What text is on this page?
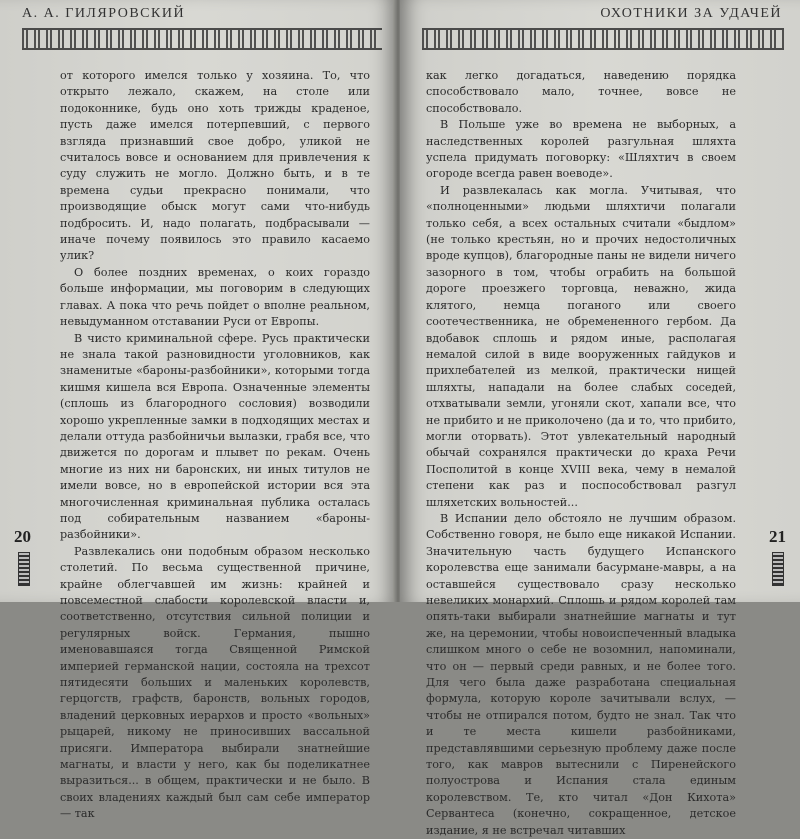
А. А. ГИЛЯРОВСКИЙ

от которого имелся только у хозяина. То, что открыто лежало, скажем, на столе или подоконнике, будь оно хоть трижды краденое, пусть даже имелся потерпевший, с первого взгляда признавший свое добро, уликой не считалось вовсе и основанием для привлечения к суду служить не могло. Должно быть, и в те времена судьи прекрасно понимали, что производящие обыск могут сами что-нибудь подбросить. И, надо полагать, подбрасывали — иначе почему появилось это правило касаемо улик?

О более поздних временах, о коих гораздо больше информации, мы поговорим в следующих главах. А пока что речь пойдет о вполне реальном, невыдуманном отставании Руси от Европы.

В чисто криминальной сфере. Русь практически не знала такой разновидности уголовников, как знаменитые «бароны-разбойники», которыми тогда кишмя кишела вся Европа. Означенные элементы (сплошь из благородного сословия) возводили хорошо укрепленные замки в подходящих местах и делали оттуда разбойничьи вылазки, грабя все, что движется по дорогам и плывет по рекам. Очень многие из них ни баронских, ни иных титулов не имели вовсе, но в европейской истории вся эта многочисленная криминальная публика осталась под собирательным названием «бароны-разбойники».

Развлекались они подобным образом несколько столетий. По весьма существенной причине, крайне облегчавшей им жизнь: крайней и повсеместной слабости королевской власти и, соответственно, отсутствия сильной полиции и регулярных войск. Германия, пышно именовавшаяся тогда Священной Римской империей германской нации, состояла на трехсот пятидесяти больших и маленьких королевств, герцогств, графств, баронств, вольных городов, владений церковных иерархов и просто «вольных» рыцарей, никому не приносивших вассальной присяги. Императора выбирали знатнейшие магнаты, и власти у него, как бы поделикатнее выразиться... в общем, практически и не было. В своих владениях каждый был сам себе император — так

20
ОХОТНИКИ ЗА УДАЧЕЙ

как легко догадаться, наведению порядка способствовало мало, точнее, вовсе не способствовало.

В Польше уже во времена не выборных, а наследственных королей разгульная шляхта успела придумать поговорку: «Шляхтич в своем огороде всегда равен воеводе».

И развлекалась как могла. Учитывая, что «полноценными» людьми шляхтичи полагали только себя, а всех остальных считали «быдлом» (не только крестьян, но и прочих недостоличных вроде купцов), благородные паны не видели ничего зазорного в том, чтобы ограбить на большой дороге проезжего торговца, неважно, жида клятого, немца поганого или своего соотечественника, не обремененного гербом. Да вдобавок сплошь и рядом иные, располагая немалой силой в виде вооруженных гайдуков и прихлебателей из мелкой, практически нищей шляхты, нападали на более слабых соседей, отхватывали земли, угоняли скот, хапали все, что не прибито и не приколочено (да и то, что прибито, могли оторвать). Этот увлекательный народный обычай сохранялся практически до краха Речи Посполитой в конце XVIII века, чему в немалой степени как раз и поспособствовал разгул шляхетских вольностей...

В Испании дело обстояло не лучшим образом. Собственно говоря, не было еще никакой Испании. Значительную часть будущего Испанского королевства еще занимали басурмане-мавры, а на оставшейся существовало сразу несколько невеликих монархий. Сплошь и рядом королей там опять-таки выбирали знатнейшие магнаты и тут же, на церемонии, чтобы новоиспеченный владыка слишком много о себе не возомнил, напоминали, что он — первый среди равных, и не более того. Для чего была даже разработана специальная формула, которую короле зачитывали вслух, — чтобы не отпирался потом, будто не знал. Так что и те места кишели разбойниками, представлявшими серьезную проблему даже после того, как мавров вытеснили с Пиренейского полуострова и Испания стала единым королевством. Те, кто читал «Дон Кихота» Сервантеса (конечно, сокращенное, детское издание, я не встречал читавших

21
